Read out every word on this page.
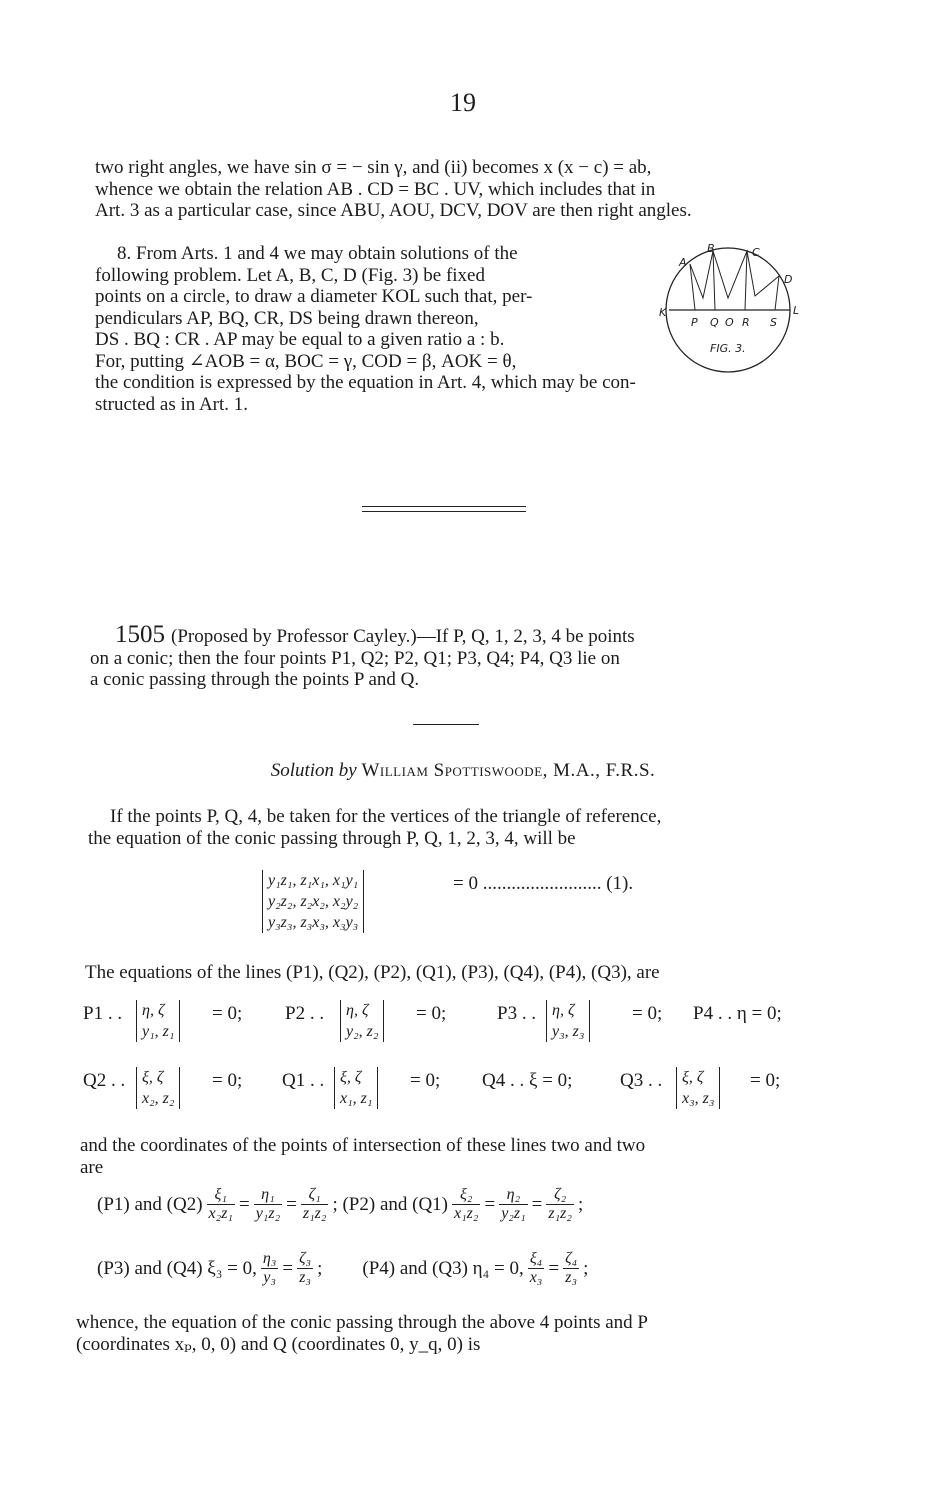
19

two right angles, we have sin σ = − sin γ, and (ii) becomes x (x − c) = ab,

whence we obtain the relation AB . CD = BC . UV, which includes that in

Art. 3 as a particular case, since ABU, AOU, DCV, DOV are then right angles.

8. From Arts. 1 and 4 we may obtain solutions of the

following problem. Let A, B, C, D (Fig. 3) be fixed

points on a circle, to draw a diameter KOL such that, per-

pendiculars AP, BQ, CR, DS being drawn thereon,

DS . BQ : CR . AP may be equal to a given ratio a : b.

For, putting ∠AOB = α, BOC = γ, COD = β, AOK = θ,

the condition is expressed by the equation in Art. 4, which may be con-

structed as in Art. 1.

A
B	C
D
K	L
P Q O R S
FIG. 3.

1505 (Proposed by Professor Cayley.)—If P, Q, 1, 2, 3, 4 be points

on a conic; then the four points P1, Q2; P2, Q1; P3, Q4; P4, Q3 lie on

a conic passing through the points P and Q.

Solution by William Spottiswoode, M.A., F.R.S.

If the points P, Q, 4, be taken for the vertices of the triangle of reference,

the equation of the conic passing through P, Q, 1, 2, 3, 4, will be

y₁z₁, z₁x₁, x₁y₁
y₂z₂, z₂x₂, x₂y₂
y₃z₃, z₃x₃, x₃y₃
= 0 ......................... (1).
The equations of the lines (P1), (Q2), (P2), (Q1), (P3), (Q4), (P4), (Q3), are
P1 . . η, ζ
y₁, z₁
= 0; P2 . . η, ζ
y₂, z₂
= 0;	P3 . . η, ζ
y₃, z₃
= 0; P4 . . η = 0;
Q2 . . ξ, ζ
x₂, z₂
= 0; Q1 . . ξ, ζ
x₁, z₁
= 0; Q4 . . ξ = 0;	Q3 . . ξ, ζ
x₃, z₃
= 0;

and the coordinates of the points of intersection of these lines two and two

are

(P1) and $(Q2) \frac{\text{ξ₁}}{\text{x₂z₁}} = \frac{\text{η₁}}{\text{y₁z₂}} = \frac{\text{ζ₁}}{\text{z₁z₂}}$ ; (P2) and $(Q1) \frac{\text{ξ₂}}{\text{x₁z₂}} = \frac{\text{η₂}}{\text{y₂z₁}} = \frac{\text{ζ₂}}{\text{z₁z₂}}$ ;
(P3) and (Q4) ξ₃ = 0, $\frac{\text{η₃}}{\text{y₃}} = \frac{\text{ζ₃}}{\text{z₃}}$ ; (P4) and (Q3) η₄ = 0, $\frac{\text{ξ₄}}{\text{x₃}} = \frac{\text{ζ₄}}{\text{z₃}}$ ;

whence, the equation of the conic passing through the above 4 points and P

(coordinates xₚ, 0, 0) and Q (coordinates 0, y_q, 0) is
